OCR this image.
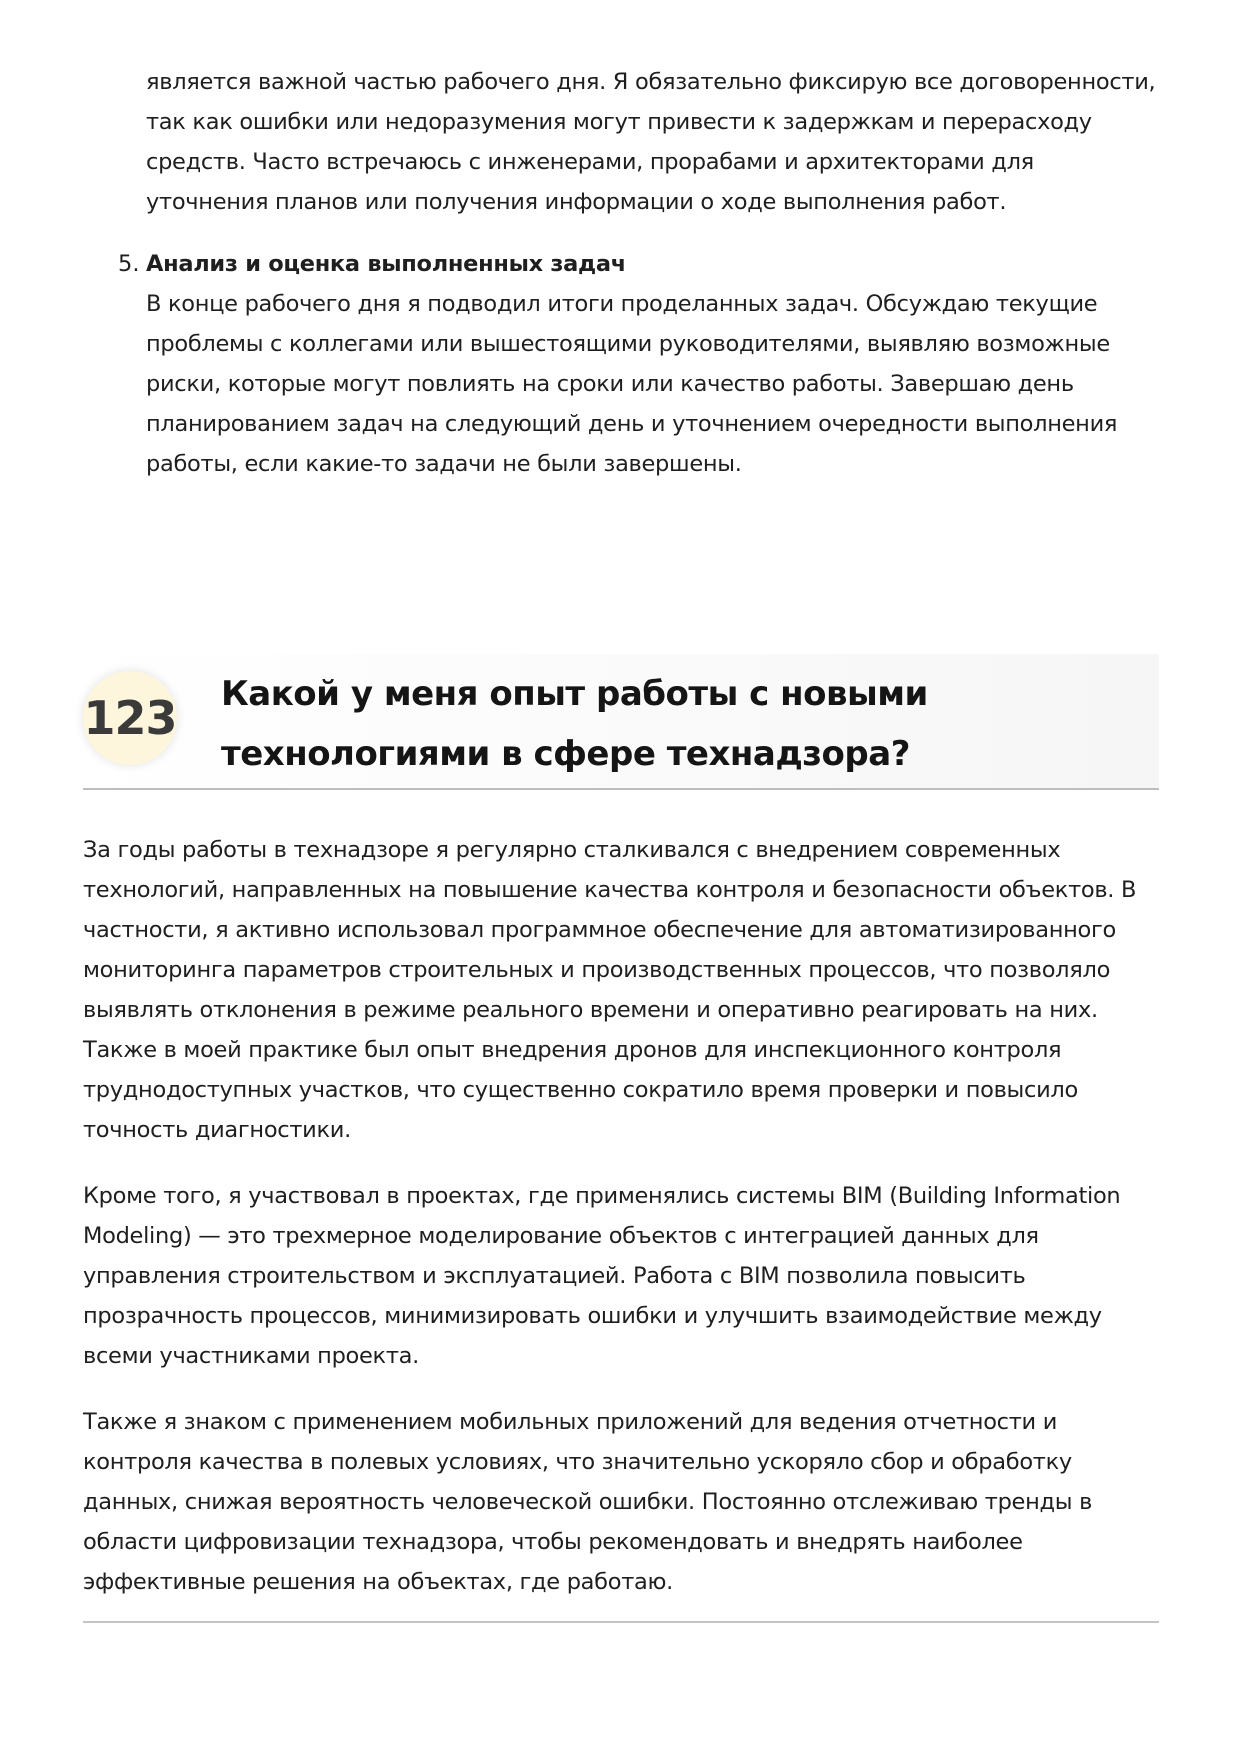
является важной частью рабочего дня. Я обязательно фиксирую все договоренности, так как ошибки или недоразумения могут привести к задержкам и перерасходу средств. Часто встречаюсь с инженерами, прорабами и архитекторами для уточнения планов или получения информации о ходе выполнения работ.

5. Анализ и оценка выполненных задач

В конце рабочего дня я подводил итоги проделанных задач. Обсуждаю текущие проблемы с коллегами или вышестоящими руководителями, выявляю возможные риски, которые могут повлиять на сроки или качество работы. Завершаю день планированием задач на следующий день и уточнением очередности выполнения работы, если какие-то задачи не были завершены.

123 Какой у меня опыт работы с новыми технологиями в сфере технадзора?

За годы работы в технадзоре я регулярно сталкивался с внедрением современных технологий, направленных на повышение качества контроля и безопасности объектов. В частности, я активно использовал программное обеспечение для автоматизированного мониторинга параметров строительных и производственных процессов, что позволяло выявлять отклонения в режиме реального времени и оперативно реагировать на них. Также в моей практике был опыт внедрения дронов для инспекционного контроля труднодоступных участков, что существенно сократило время проверки и повысило точность диагностики.

Кроме того, я участвовал в проектах, где применялись системы BIM (Building Information Modeling) — это трехмерное моделирование объектов с интеграцией данных для управления строительством и эксплуатацией. Работа с BIM позволила повысить прозрачность процессов, минимизировать ошибки и улучшить взаимодействие между всеми участниками проекта.

Также я знаком с применением мобильных приложений для ведения отчетности и контроля качества в полевых условиях, что значительно ускоряло сбор и обработку данных, снижая вероятность человеческой ошибки. Постоянно отслеживаю тренды в области цифровизации технадзора, чтобы рекомендовать и внедрять наиболее эффективные решения на объектах, где работаю.
